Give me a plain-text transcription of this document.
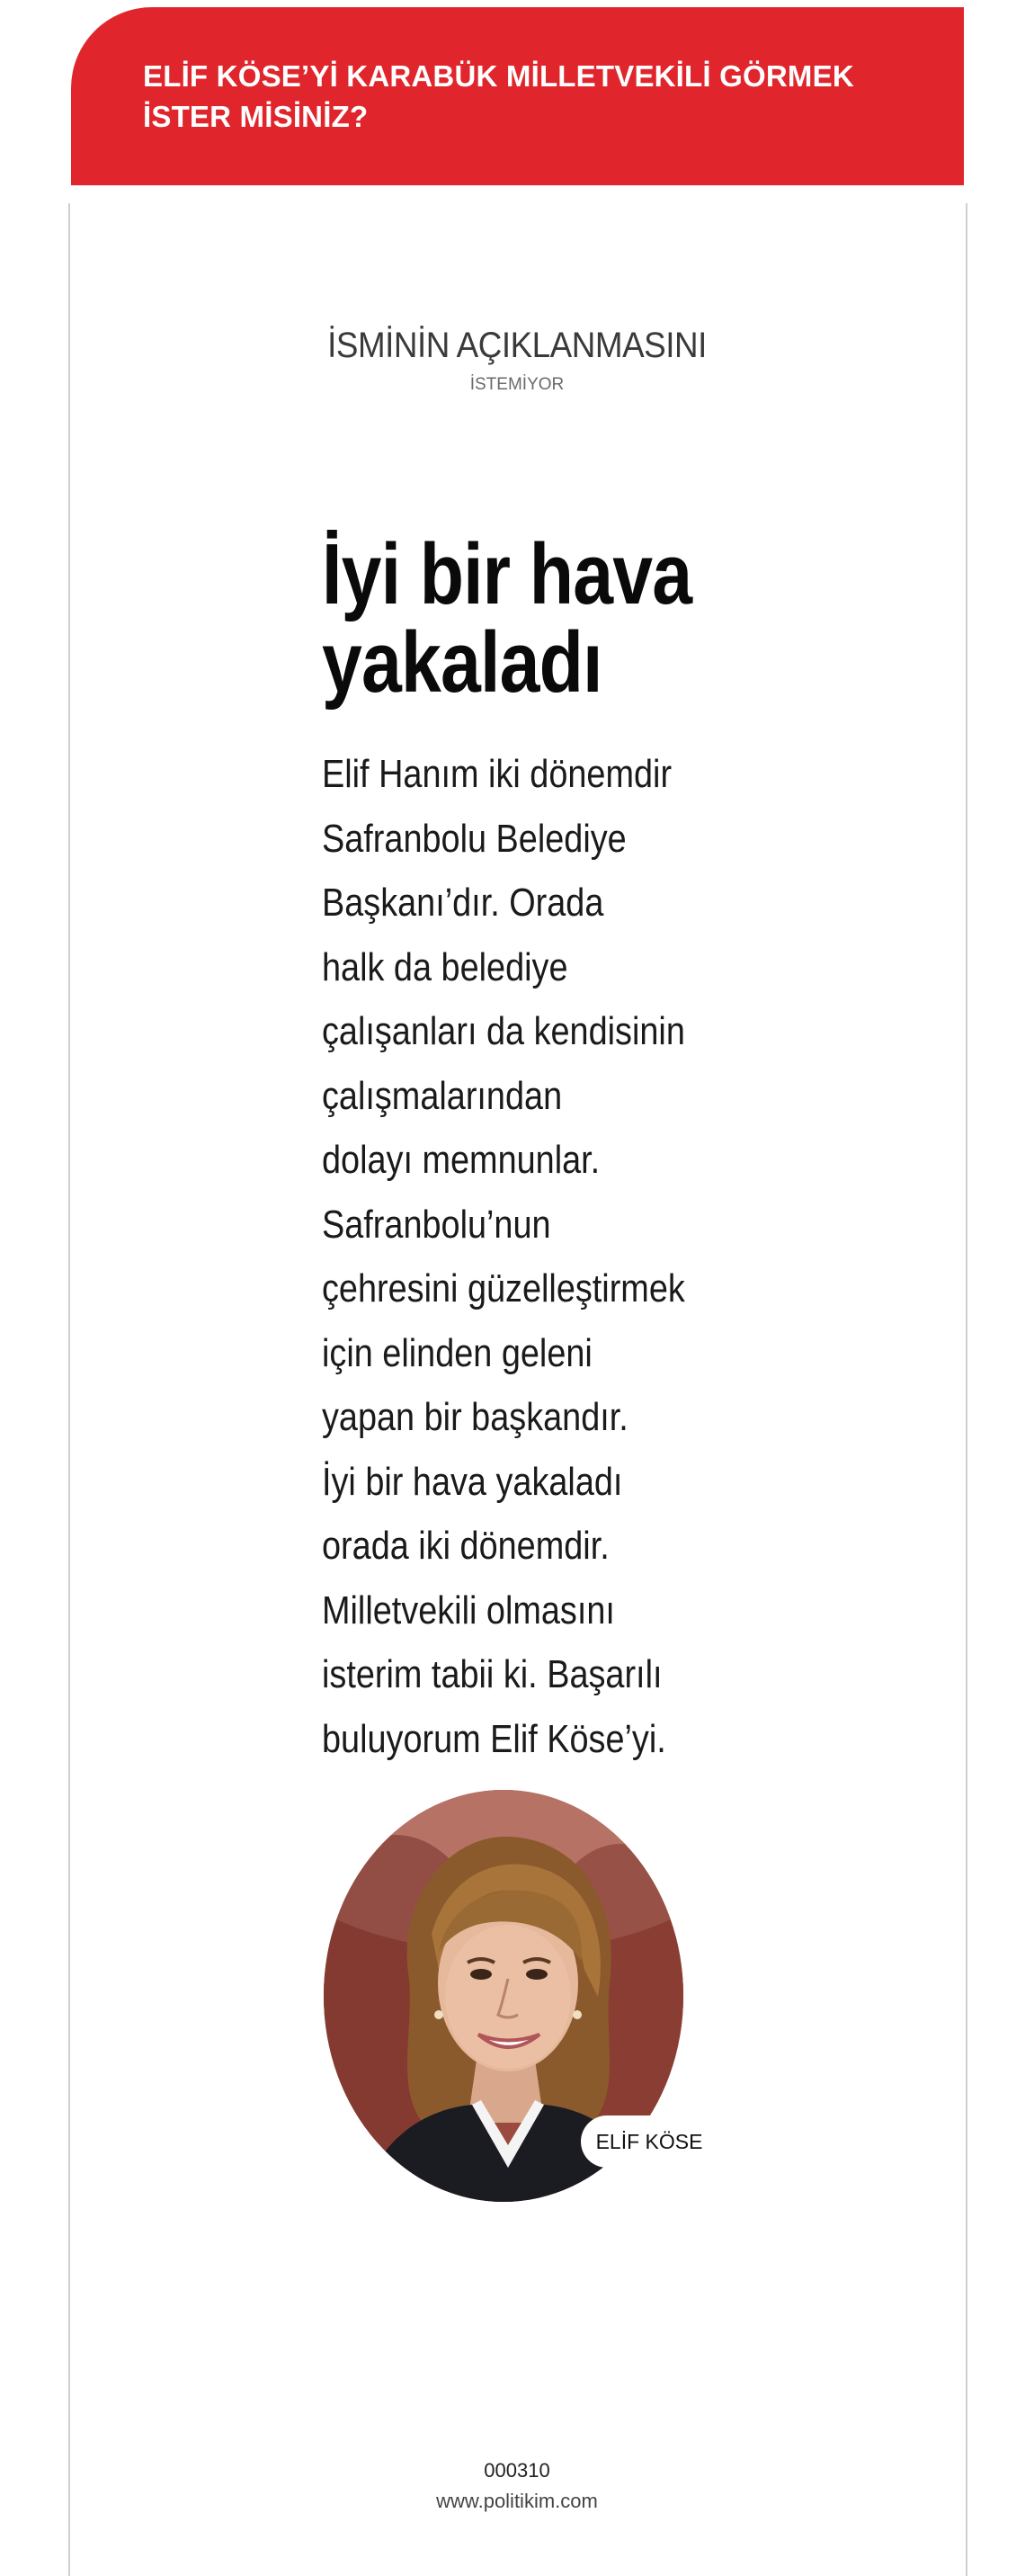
ELİF KÖSE’Yİ KARABÜK MİLLETVEKİLİ GÖRMEK İSTER MİSİNİZ?

İSMİNİN AÇIKLANMASINI
İSTEMİYOR
İyi bir hava
yakaladı

Elif Hanım iki dönemdir
Safranbolu Belediye
Başkanı’dır. Orada
halk da belediye
çalışanları da kendisinin
çalışmalarından
dolayı memnunlar.
Safranbolu’nun
çehresini güzelleştirmek
için elinden geleni
yapan bir başkandır.
İyi bir hava yakaladı
orada iki dönemdir.
Milletvekili olmasını
isterim tabii ki. Başarılı
buluyorum Elif Köse’yi.

ELİF KÖSE
000310
www.politikim.com
